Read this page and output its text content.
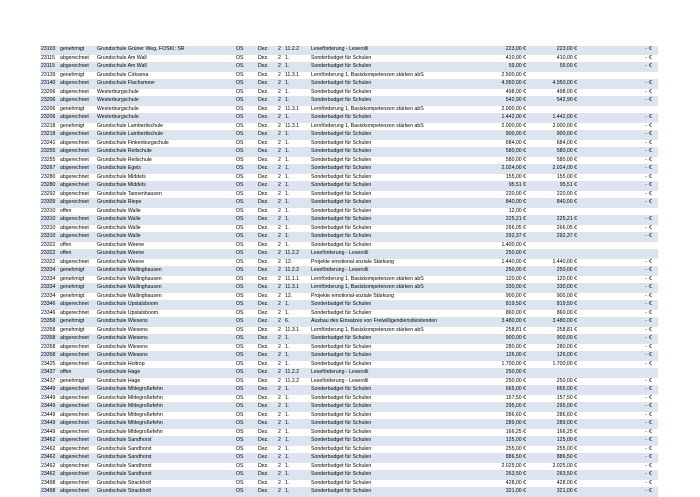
23103	genehmigt	Grundschule Grüner Weg, FÖSKI: SR	OS	Dez.	2	11.2.2	Leseförderung - Leserolli	223,00 €	223,00 €	-	€
23115	abgerechnet	Grundschule Am Wall	OS	Dez.	2	1.	Sonderbudget für Schulen	410,00 €	410,00 €	-	€
23115	abgerechnet	Grundschule Am Wall	OS	Dez.	2	1.	Sonderbudget für Schulen	59,00 €	59,00 €	-	€
23139	genehmigt	Grundschule Cirksena	OS	Dez.	2	11.3.1	Lernförderung 1, Basiskompetenzen stärken abS	2.500,00 €			
23140	abgerechnet	Grundschule Flachsmeer	OS	Dez.	2	1.	Sonderbudget für Schulen	4.950,00 €	4.950,00 €	-	€
23206	abgerechnet	Westerburgschule	OS	Dez.	2	1.	Sonderbudget für Schulen	498,00 €	498,00 €	-	€
23206	abgerechnet	Westerburgschule	OS	Dez.	2	1.	Sonderbudget für Schulen	542,90 €	542,90 €	-	€
23206	genehmigt	Westerburgschule	OS	Dez.	2	11.3.1	Lernförderung 1, Basiskompetenzen stärken abS	2.000,00 €			
23206	abgerechnet	Westerburgschule	OS	Dez.	2	1.	Sonderbudget für Schulen	1.442,00 €	1.442,00 €	-	€
23218	genehmigt	Grundschule Lambertischule	OS	Dez.	2	11.3.1	Lernförderung 1, Basiskompetenzen stärken abS	2.000,00 €	2.000,00 €	-	€
23218	abgerechnet	Grundschule Lambertischule	OS	Dez.	2	1.	Sonderbudget für Schulen	900,00 €	900,00 €	-	€
23241	abgerechnet	Grundschule Finkenburgschule	OS	Dez.	2	1.	Sonderbudget für Schulen	684,00 €	684,00 €	-	€
23255	abgerechnet	Grundschule Reilschule	OS	Dez.	2	1.	Sonderbudget für Schulen	580,00 €	580,00 €	-	€
23255	abgerechnet	Grundschule Reilschule	OS	Dez.	2	1.	Sonderbudget für Schulen	580,00 €	580,00 €	-	€
23267	abgerechnet	Grundschule Egels	OS	Dez.	2	1.	Sonderbudget für Schulen	2.024,00 €	2.024,00 €	-	€
23280	abgerechnet	Grundschule Middels	OS	Dez.	2	1.	Sonderbudget für Schulen	155,00 €	155,00 €	-	€
23280	abgerechnet	Grundschule Middels	OS	Dez.	2	1.	Sonderbudget für Schulen	95,51 €	95,51 €	-	€
23292	abgerechnet	Grundschule Tannenhausen	OS	Dez.	2	1.	Sonderbudget für Schulen	220,00 €	220,00 €	-	€
23309	abgerechnet	Grundschule Riepe	OS	Dez.	2	1.	Sonderbudget für Schulen	840,00 €	840,00 €	-	€
23310	offen	Grundschule Walle	OS	Dez.	2	1.	Sonderbudget für Schulen	12,00 €			
23310	abgerechnet	Grundschule Walle	OS	Dez.	2	1.	Sonderbudget für Schulen	225,21 €	225,21 €	-	€
23310	abgerechnet	Grundschule Walle	OS	Dez.	2	1.	Sonderbudget für Schulen	266,05 €	266,05 €	-	€
23310	abgerechnet	Grundschule Walle	OS	Dez.	2	1.	Sonderbudget für Schulen	292,37 €	292,37 €	-	€
23322	offen	Grundschule Weene	OS	Dez.	2	1.	Sonderbudget für Schulen	1.400,00 €			
23322	offen	Grundschule Weene	OS	Dez.	2	11.2.2	Leseförderung - Leserolli	250,00 €			
23322	abgerechnet	Grundschule Weene	OS	Dez.	2	12.	Projekte emotional-soziale Stärkung	1.440,00 €	1.440,00 €	-	€
23334	genehmigt	Grundschule Wallinghausen	OS	Dez.	2	11.2.2	Leseförderung - Leserolli	250,00 €	250,00 €	-	€
23334	genehmigt	Grundschule Wallinghausen	OS	Dez.	2	11.1.1	Lernförderung 1, Basiskompetenzen stärken abS	120,00 €	120,00 €	-	€
23334	genehmigt	Grundschule Wallinghausen	OS	Dez.	2	11.3.1	Lernförderung 1, Basiskompetenzen stärken abS	330,00 €	330,00 €	-	€
23334	genehmigt	Grundschule Wallinghausen	OS	Dez.	2	12.	Projekte emotional-soziale Stärkung	900,00 €	900,00 €	-	€
23346	abgerechnet	Grundschule Upstalsboom	OS	Dez.	2	1.	Sonderbudget für Schulen	819,50 €	819,50 €	-	€
23346	abgerechnet	Grundschule Upstalsboom	OS	Dez.	2	1.	Sonderbudget für Schulen	860,00 €	860,00 €	-	€
23358	genehmigt	Grundschule Wiesens	OS	Dez.	2	6.	Ausbau des Einsatzes von Freiwilligendienstleistenden	3.480,00 €	3.480,00 €	-	€
23358	genehmigt	Grundschule Wiesens	OS	Dez.	2	11.3.1	Lernförderung 1, Basiskompetenzen stärken abS	258,81 €	258,81 €	-	€
23358	abgerechnet	Grundschule Wiesens	OS	Dez.	2	1.	Sonderbudget für Schulen	900,00 €	900,00 €	-	€
23358	abgerechnet	Grundschule Wiesens	OS	Dez.	2	1.	Sonderbudget für Schulen	280,00 €	280,00 €	-	€
23358	abgerechnet	Grundschule Wiesens	OS	Dez.	2	1.	Sonderbudget für Schulen	126,00 €	126,00 €	-	€
23425	abgerechnet	Grundschule Holtrop	OS	Dez.	2	1.	Sonderbudget für Schulen	1.700,00 €	1.700,00 €	-	€
23437	offen	Grundschule Hage	OS	Dez.	2	11.2.2	Leseförderung - Leserolli	250,00 €			
23437	genehmigt	Grundschule Hage	OS	Dez.	2	11.2.2	Leseförderung - Leserolli	250,00 €	250,00 €	-	€
23449	abgerechnet	Grundschule Mittegroßefehn	OS	Dez.	2	1.	Sonderbudget für Schulen	665,00 €	665,00 €	-	€
23449	abgerechnet	Grundschule Mittegroßefehn	OS	Dez.	2	1.	Sonderbudget für Schulen	157,50 €	157,50 €	-	€
23449	abgerechnet	Grundschule Mittegroßefehn	OS	Dez.	2	1.	Sonderbudget für Schulen	295,00 €	295,00 €	-	€
23449	abgerechnet	Grundschule Mittegroßefehn	OS	Dez.	2	1.	Sonderbudget für Schulen	286,60 €	286,60 €	-	€
23449	abgerechnet	Grundschule Mittegroßefehn	OS	Dez.	2	1.	Sonderbudget für Schulen	289,00 €	289,00 €	-	€
23449	abgerechnet	Grundschule Mittegroßefehn	OS	Dez.	2	1.	Sonderbudget für Schulen	166,25 €	166,25 €	-	€
23462	abgerechnet	Grundschule Sandhorst	OS	Dez.	2	1.	Sonderbudget für Schulen	125,00 €	125,00 €	-	€
23462	abgerechnet	Grundschule Sandhorst	OS	Dez.	2	1.	Sonderbudget für Schulen	255,00 €	255,00 €	-	€
23462	abgerechnet	Grundschule Sandhorst	OS	Dez.	2	1.	Sonderbudget für Schulen	886,50 €	886,50 €	-	€
23462	abgerechnet	Grundschule Sandhorst	OS	Dez.	2	1.	Sonderbudget für Schulen	2.025,00 €	2.025,00 €	-	€
23462	abgerechnet	Grundschule Sandhorst	OS	Dez.	2	1.	Sonderbudget für Schulen	263,50 €	263,50 €	-	€
23498	abgerechnet	Grundschule Strackholt	OS	Dez.	2	1.	Sonderbudget für Schulen	428,00 €	428,00 €	-	€
23498	abgerechnet	Grundschule Strackholt	OS	Dez.	2	1.	Sonderbudget für Schulen	321,00 €	321,00 €	-	€
